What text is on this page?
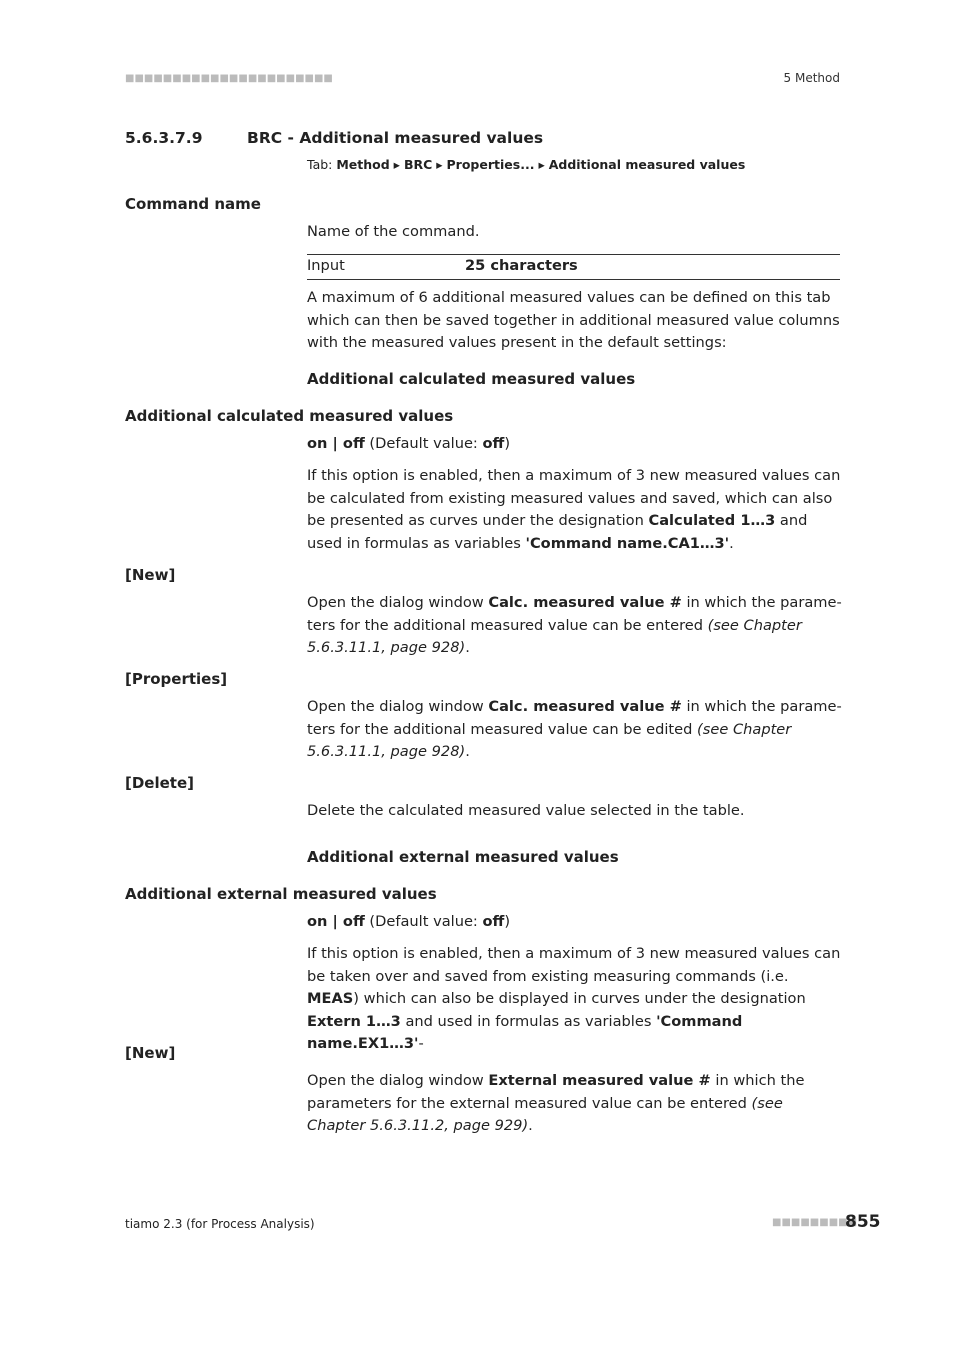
■■■■■■■■■■■■■■■■■■■■■■	5 Method
5.6.3.7.9	BRC - Additional measured values
Tab: Method ▸ BRC ▸ Properties... ▸ Additional measured values
Command name
Name of the command.
Input	25 characters
A maximum of 6 additional measured values can be defined on this tab which can then be saved together in additional measured value columns with the measured values present in the default settings:
Additional calculated measured values
Additional calculated measured values
on | off (Default value: off)
If this option is enabled, then a maximum of 3 new measured values can be calculated from existing measured values and saved, which can also be presented as curves under the designation Calculated 1…3 and used in formulas as variables 'Command name.CA1…3'.
[New]
Open the dialog window Calc. measured value # in which the parame- ters for the additional measured value can be entered (see Chapter 5.6.3.11.1, page 928).
[Properties]
Open the dialog window Calc. measured value # in which the parame- ters for the additional measured value can be edited (see Chapter 5.6.3.11.1, page 928).
[Delete]
Delete the calculated measured value selected in the table.
Additional external measured values
Additional external measured values
on | off (Default value: off)
If this option is enabled, then a maximum of 3 new measured values can be taken over and saved from existing measuring commands (i.e. MEAS) which can also be displayed in curves under the designation Extern 1…3 and used in formulas as variables 'Command name.EX1…3'-
[New]
Open the dialog window External measured value # in which the parameters for the external measured value can be entered (see Chapter 5.6.3.11.2, page 929).
tiamo 2.3 (for Process Analysis)	■■■■■■■■■
855
